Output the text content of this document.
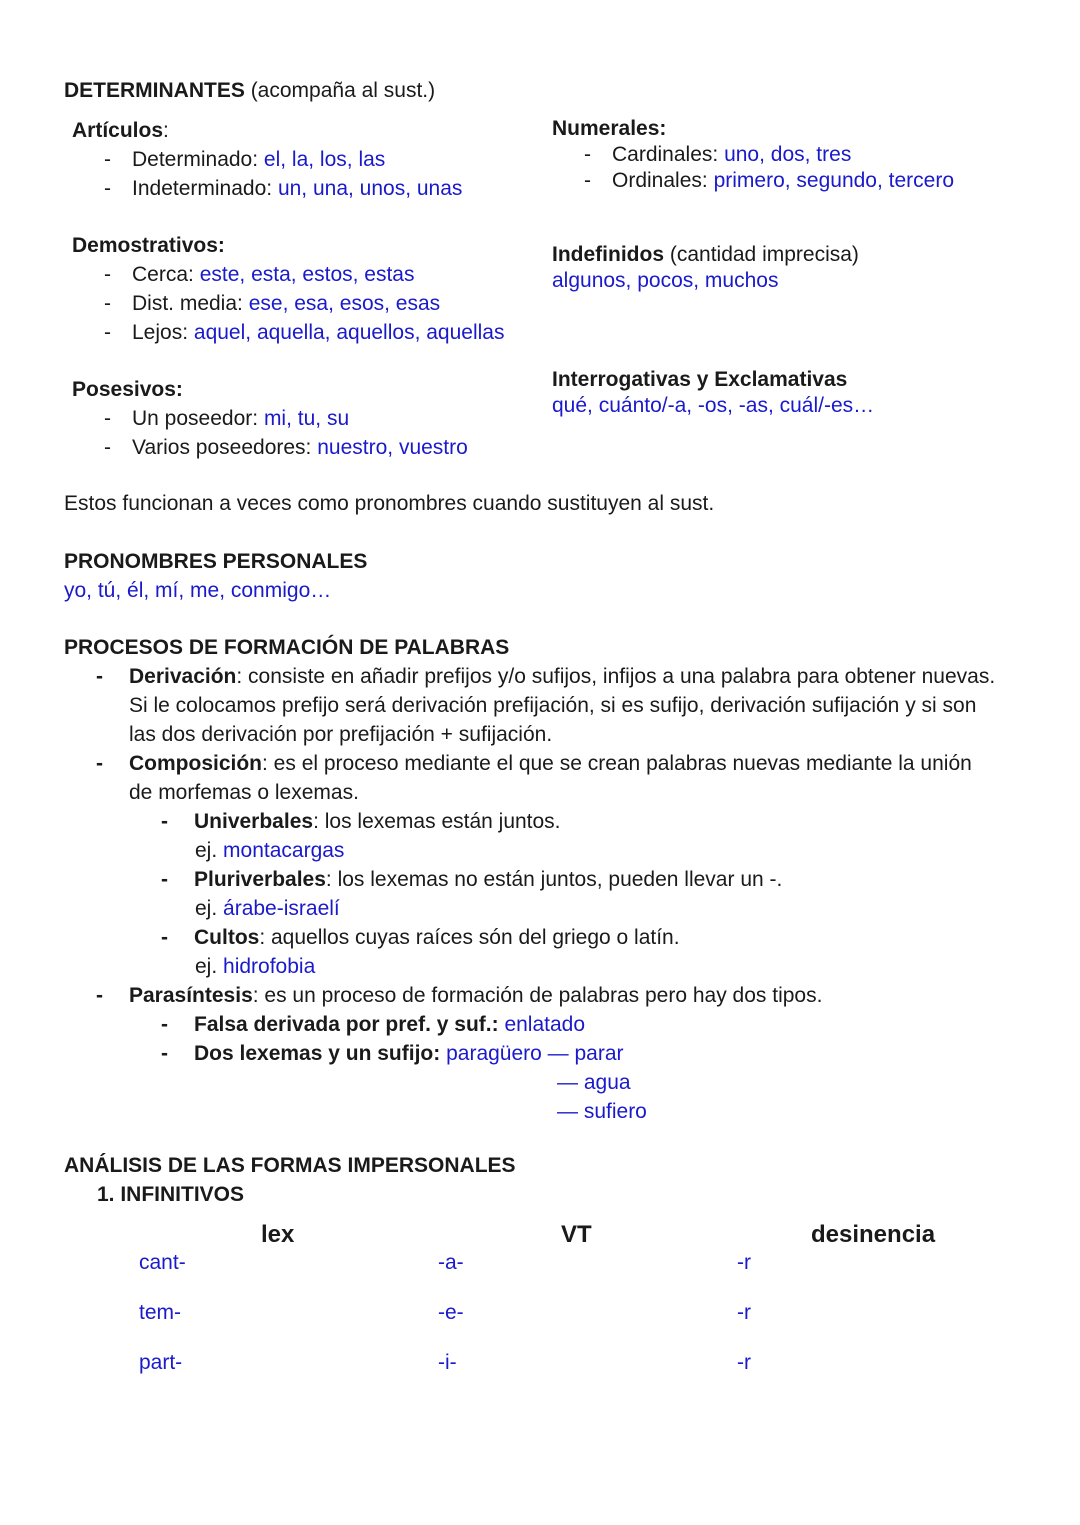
DETERMINANTES (acompaña al sust.)
Artículos:
- Determinado: el, la, los, las
- Indeterminado: un, una, unos, unas
Demostrativos:
- Cerca: este, esta, estos, estas
- Dist. media: ese, esa, esos, esas
- Lejos: aquel, aquella, aquellos, aquellas
Posesivos:
- Un poseedor: mi, tu, su
- Varios poseedores: nuestro, vuestro
Numerales:
- Cardinales: uno, dos, tres
- Ordinales: primero, segundo, tercero
Indefinidos (cantidad imprecisa)
algunos, pocos, muchos
Interrogativas y Exclamativas
qué, cuánto/-a, -os, -as, cuál/-es…
Estos funcionan a veces como pronombres cuando sustituyen al sust.
PRONOMBRES PERSONALES
yo, tú, él, mí, me, conmigo…
PROCESOS DE FORMACIÓN DE PALABRAS
- Derivación: consiste en añadir prefijos y/o sufijos, infijos a una palabra para obtener nuevas.
Si le colocamos prefijo será derivación prefijación, si es sufijo, derivación sufijación y si son
las dos derivación por prefijación + sufijación.
- Composición: es el proceso mediante el que se crean palabras nuevas mediante la unión
de morfemas o lexemas.
- Univerbales: los lexemas están juntos.
ej. montacargas
- Pluriverbales: los lexemas no están juntos, pueden llevar un -.
ej. árabe-israelí
- Cultos: aquellos cuyas raíces són del griego o latín.
ej. hidrofobia
- Parasíntesis: es un proceso de formación de palabras pero hay dos tipos.
- Falsa derivada por pref. y suf.: enlatado
- Dos lexemas y un sufijo: paragüero — parar
— agua
— sufiero
ANÁLISIS DE LAS FORMAS IMPERSONALES
1. INFINITIVOS
lex	VT	desinencia
cant-	-a-	-r
tem-	-e-	-r
part-	-i-	-r
